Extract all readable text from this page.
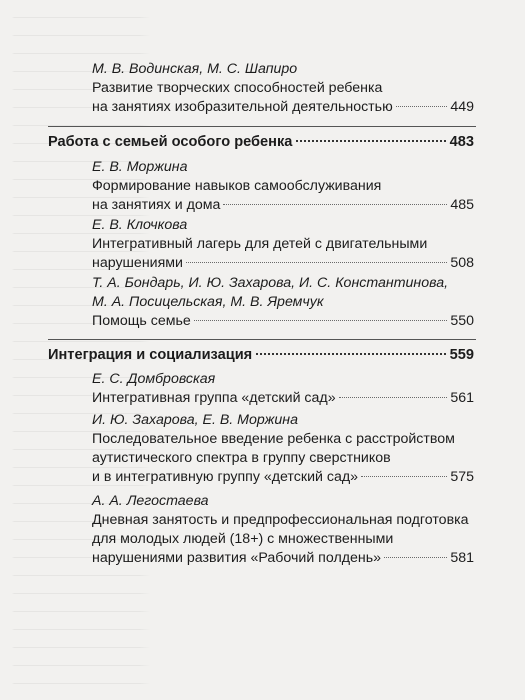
М. В. Водинская, М. С. Шапиро
Развитие творческих способностей ребенка
на занятиях изобразительной деятельностью	449
Работа с семьей особого ребенка	483
Е. В. Моржина
Формирование навыков самообслуживания
на занятиях и дома	485
Е. В. Клочкова
Интегративный лагерь для детей с двигательными
нарушениями	508
Т. А. Бондарь, И. Ю. Захарова, И. С. Константинова,
М. А. Посицельская, М. В. Яремчук
Помощь семье	550
Интеграция и социализация	559
Е. С. Домбровская
Интегративная группа «детский сад»	561
И. Ю. Захарова, Е. В. Моржина
Последовательное введение ребенка с расстройством
аутистического спектра в группу сверстников
и в интегративную группу «детский сад»	575
А. А. Легостаева
Дневная занятость и предпрофессиональная подготовка
для молодых людей (18+) с множественными
нарушениями развития «Рабочий полдень»	581
